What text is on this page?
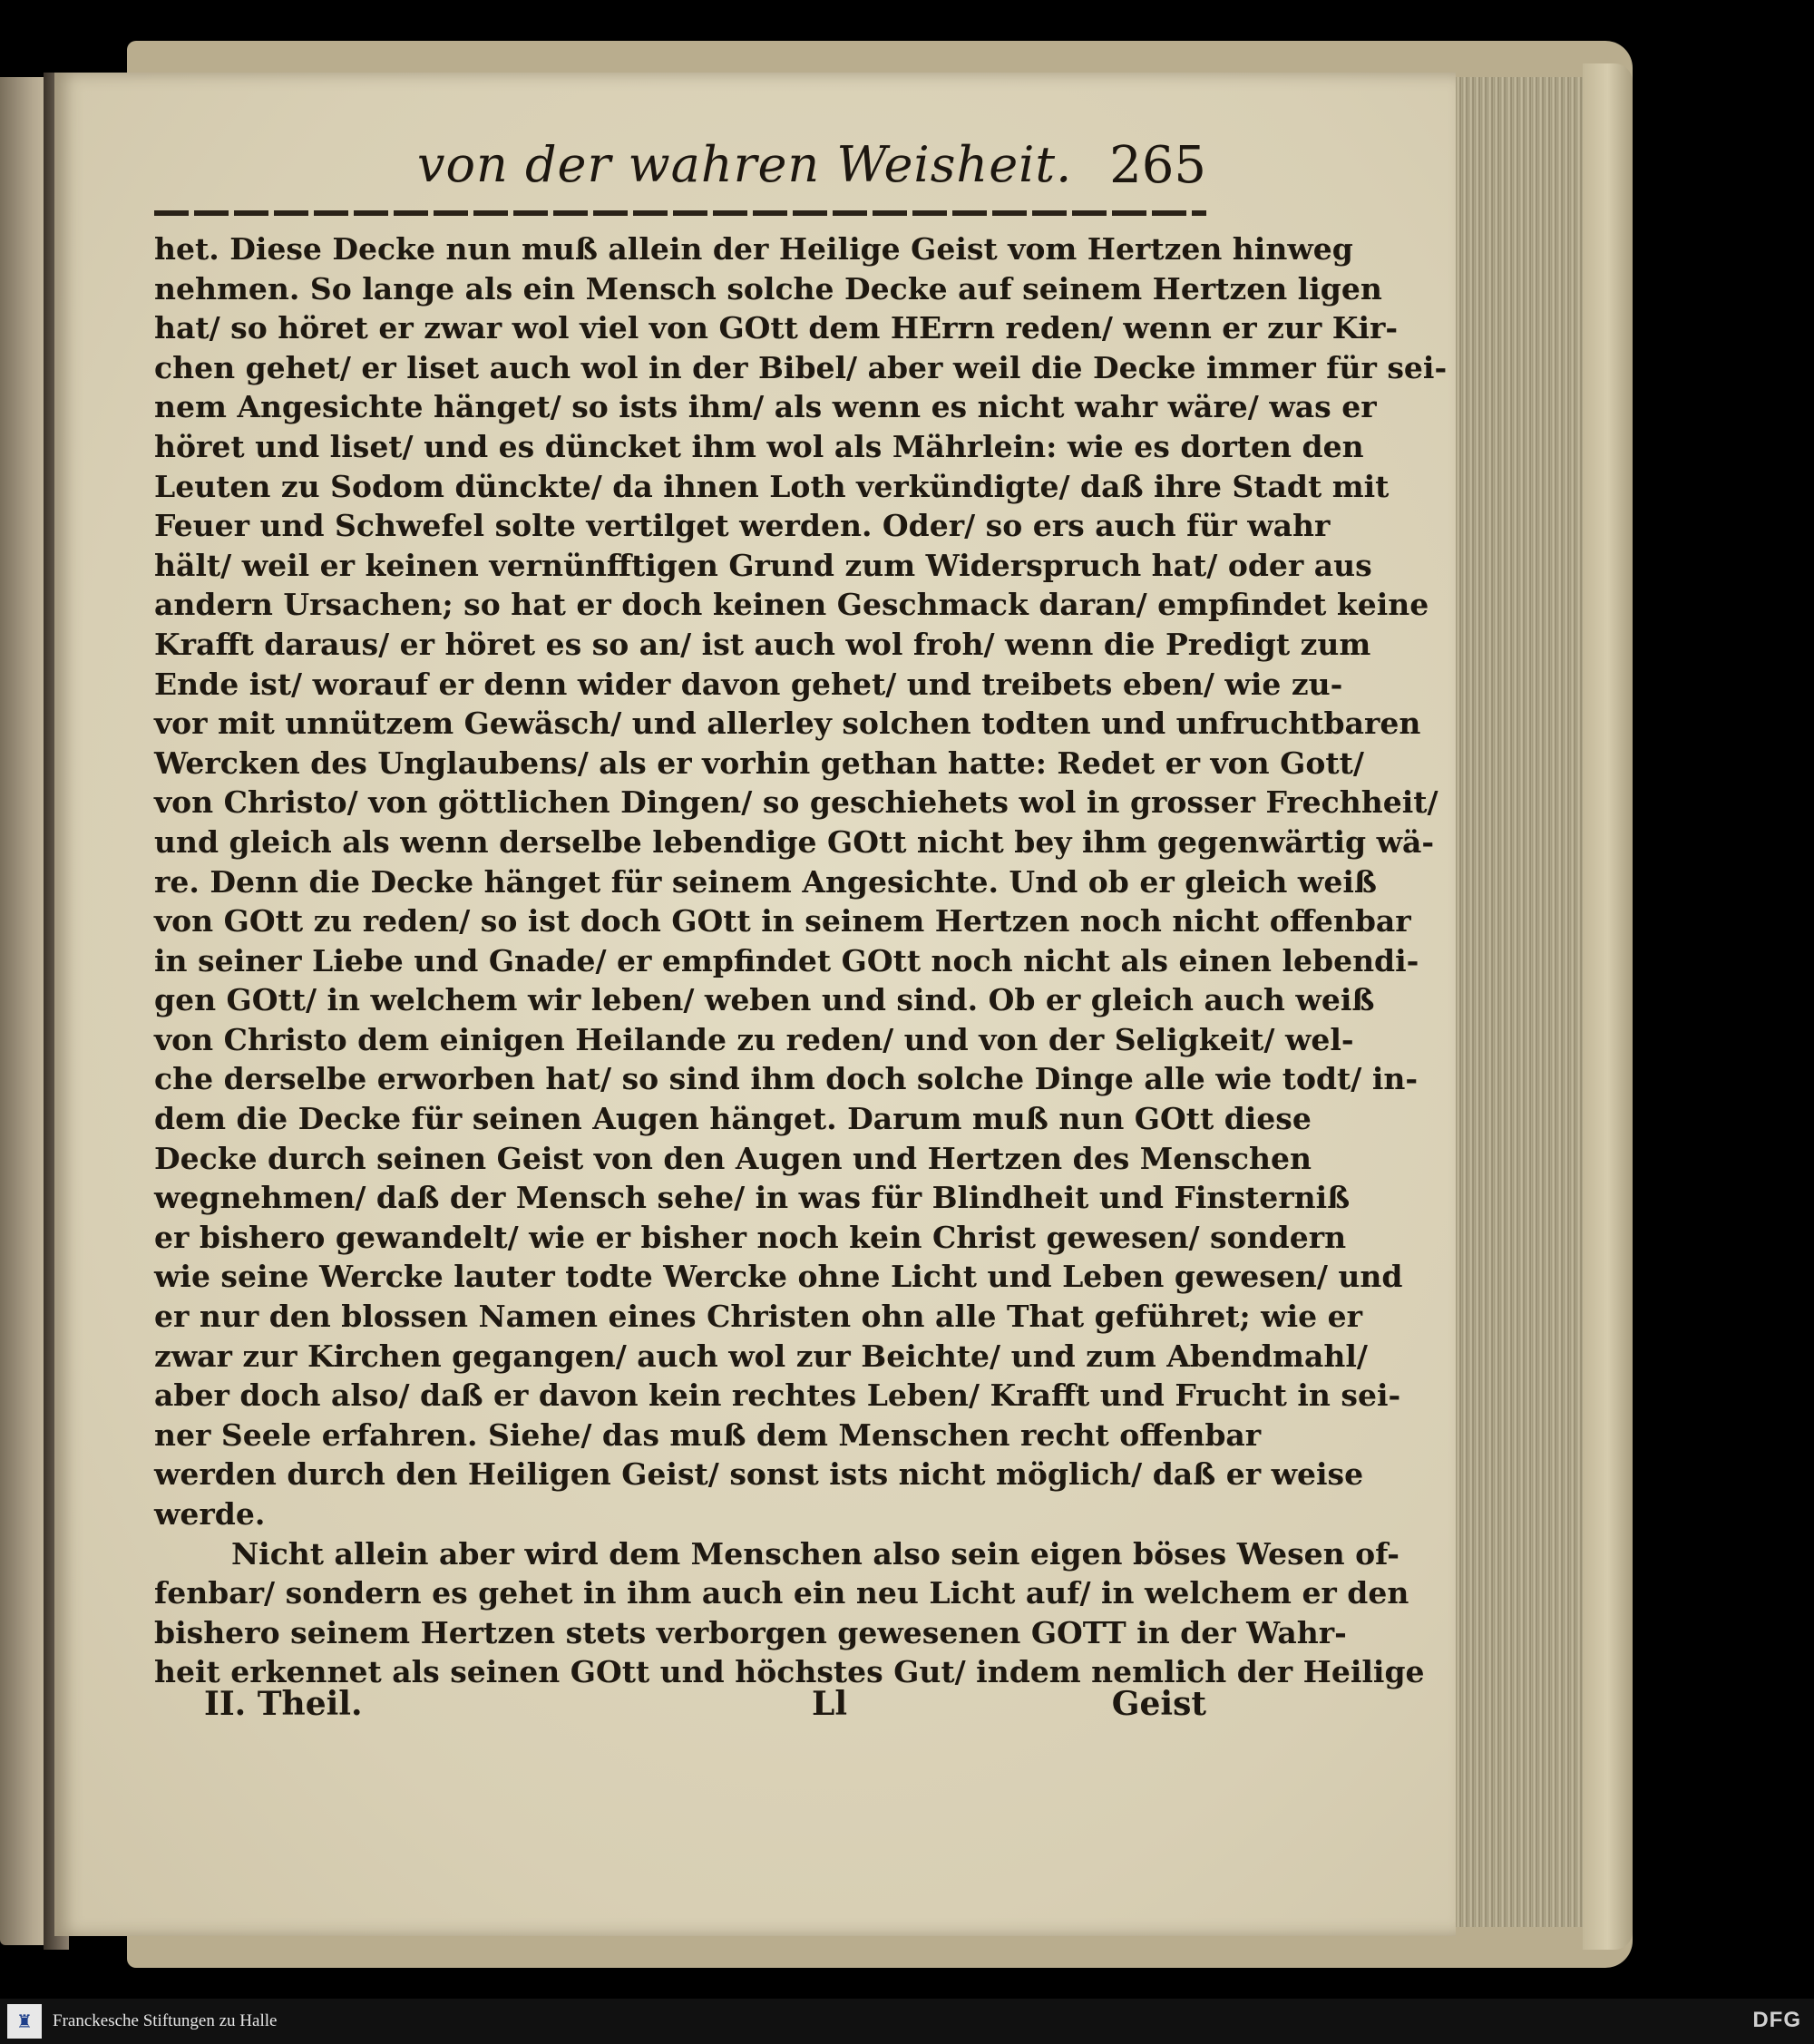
von der wahren Weisheit. 265
het. Diese Decke nun muß allein der Heilige Geist vom Hertzen hinweg
nehmen. So lange als ein Mensch solche Decke auf seinem Hertzen ligen
hat/ so höret er zwar wol viel von GOtt dem HErrn reden/ wenn er zur Kir-
chen gehet/ er liset auch wol in der Bibel/ aber weil die Decke immer für sei-
nem Angesichte hänget/ so ists ihm/ als wenn es nicht wahr wäre/ was er
höret und liset/ und es düncket ihm wol als Mährlein: wie es dorten den
Leuten zu Sodom dünckte/ da ihnen Loth verkündigte/ daß ihre Stadt mit
Feuer und Schwefel solte vertilget werden. Oder/ so ers auch für wahr
hält/ weil er keinen vernünfftigen Grund zum Widerspruch hat/ oder aus
andern Ursachen; so hat er doch keinen Geschmack daran/ empfindet keine
Krafft daraus/ er höret es so an/ ist auch wol froh/ wenn die Predigt zum
Ende ist/ worauf er denn wider davon gehet/ und treibets eben/ wie zu-
vor mit unnützem Gewäsch/ und allerley solchen todten und unfruchtbaren
Wercken des Unglaubens/ als er vorhin gethan hatte: Redet er von Gott/
von Christo/ von göttlichen Dingen/ so geschiehets wol in grosser Frechheit/
und gleich als wenn derselbe lebendige GOtt nicht bey ihm gegenwärtig wä-
re. Denn die Decke hänget für seinem Angesichte. Und ob er gleich weiß
von GOtt zu reden/ so ist doch GOtt in seinem Hertzen noch nicht offenbar
in seiner Liebe und Gnade/ er empfindet GOtt noch nicht als einen lebendi-
gen GOtt/ in welchem wir leben/ weben und sind. Ob er gleich auch weiß
von Christo dem einigen Heilande zu reden/ und von der Seligkeit/ wel-
che derselbe erworben hat/ so sind ihm doch solche Dinge alle wie todt/ in-
dem die Decke für seinen Augen hänget. Darum muß nun GOtt diese
Decke durch seinen Geist von den Augen und Hertzen des Menschen
wegnehmen/ daß der Mensch sehe/ in was für Blindheit und Finsterniß
er bishero gewandelt/ wie er bisher noch kein Christ gewesen/ sondern
wie seine Wercke lauter todte Wercke ohne Licht und Leben gewesen/ und
er nur den blossen Namen eines Christen ohn alle That geführet; wie er
zwar zur Kirchen gegangen/ auch wol zur Beichte/ und zum Abendmahl/
aber doch also/ daß er davon kein rechtes Leben/ Krafft und Frucht in sei-
ner Seele erfahren. Siehe/ das muß dem Menschen recht offenbar
werden durch den Heiligen Geist/ sonst ists nicht möglich/ daß er weise
werde.
Nicht allein aber wird dem Menschen also sein eigen böses Wesen of-
fenbar/ sondern es gehet in ihm auch ein neu Licht auf/ in welchem er den
bishero seinem Hertzen stets verborgen gewesenen GOTT in der Wahr-
heit erkennet als seinen GOtt und höchstes Gut/ indem nemlich der Heilige
II. Theil.	Ll	Geist
♜ Franckesche Stiftungen zu Halle	DFG
